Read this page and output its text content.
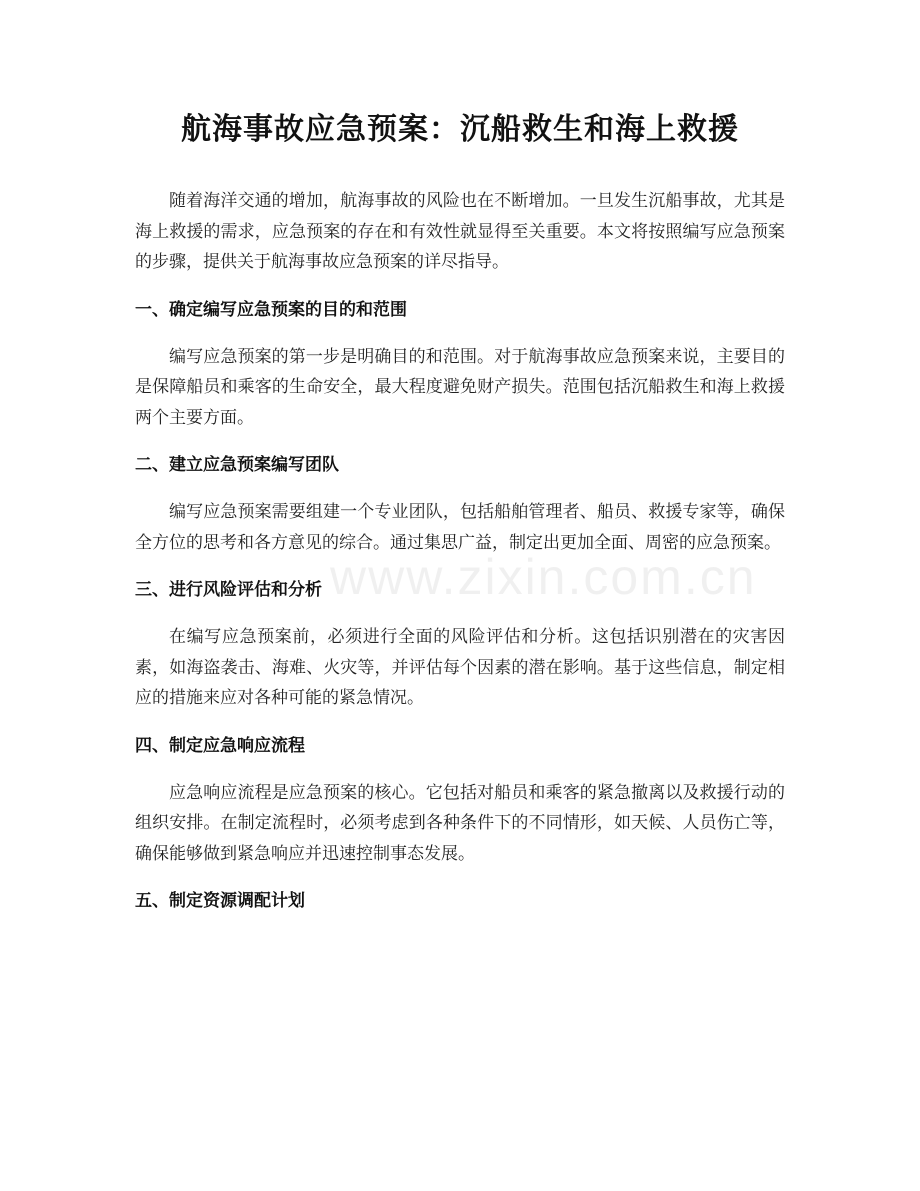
航海事故应急预案：沉船救生和海上救援

随着海洋交通的增加，航海事故的风险也在不断增加。一旦发生沉船事故，尤其是海上救援的需求，应急预案的存在和有效性就显得至关重要。本文将按照编写应急预案的步骤，提供关于航海事故应急预案的详尽指导。

一、确定编写应急预案的目的和范围

编写应急预案的第一步是明确目的和范围。对于航海事故应急预案来说，主要目的是保障船员和乘客的生命安全，最大程度避免财产损失。范围包括沉船救生和海上救援两个主要方面。

二、建立应急预案编写团队

编写应急预案需要组建一个专业团队，包括船舶管理者、船员、救援专家等，确保全方位的思考和各方意见的综合。通过集思广益，制定出更加全面、周密的应急预案。

三、进行风险评估和分析

在编写应急预案前，必须进行全面的风险评估和分析。这包括识别潜在的灾害因素，如海盗袭击、海难、火灾等，并评估每个因素的潜在影响。基于这些信息，制定相应的措施来应对各种可能的紧急情况。

四、制定应急响应流程

应急响应流程是应急预案的核心。它包括对船员和乘客的紧急撤离以及救援行动的组织安排。在制定流程时，必须考虑到各种条件下的不同情形，如天候、人员伤亡等，确保能够做到紧急响应并迅速控制事态发展。

五、制定资源调配计划
www.zixin.com.cn
